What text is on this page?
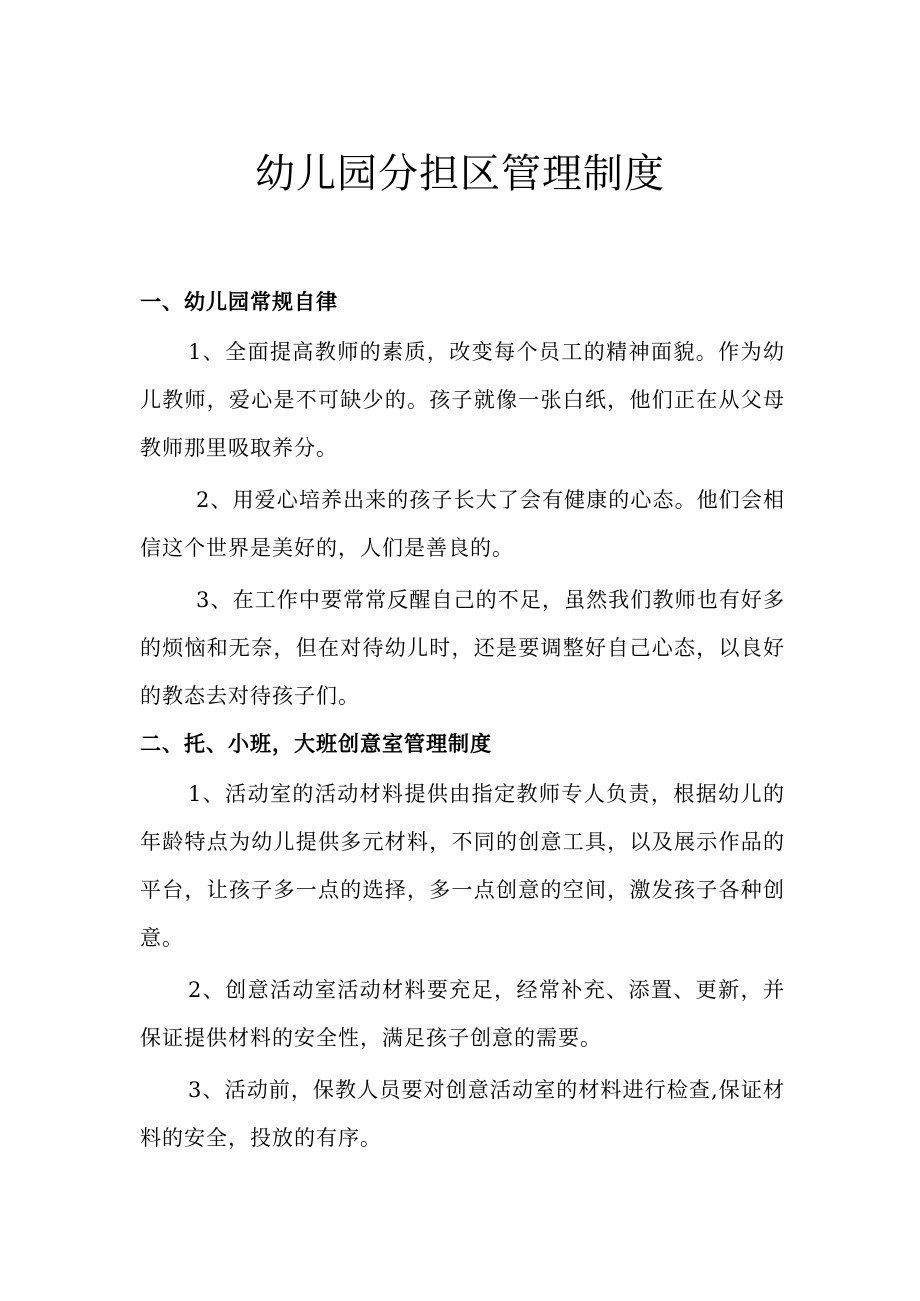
幼儿园分担区管理制度
一、幼儿园常规自律

1、全面提高教师的素质，改变每个员工的精神面貌。作为幼儿教师，爱心是不可缺少的。孩子就像一张白纸，他们正在从父母教师那里吸取养分。

2、用爱心培养出来的孩子长大了会有健康的心态。他们会相信这个世界是美好的，人们是善良的。

3、在工作中要常常反醒自己的不足，虽然我们教师也有好多的烦恼和无奈，但在对待幼儿时，还是要调整好自己心态，以良好的教态去对待孩子们。

二、托、小班，大班创意室管理制度

1、活动室的活动材料提供由指定教师专人负责，根据幼儿的年龄特点为幼儿提供多元材料，不同的创意工具，以及展示作品的平台，让孩子多一点的选择，多一点创意的空间，激发孩子各种创意。

2、创意活动室活动材料要充足，经常补充、添置、更新，并保证提供材料的安全性，满足孩子创意的需要。

3、活动前，保教人员要对创意活动室的材料进行检查,保证材料的安全，投放的有序。
